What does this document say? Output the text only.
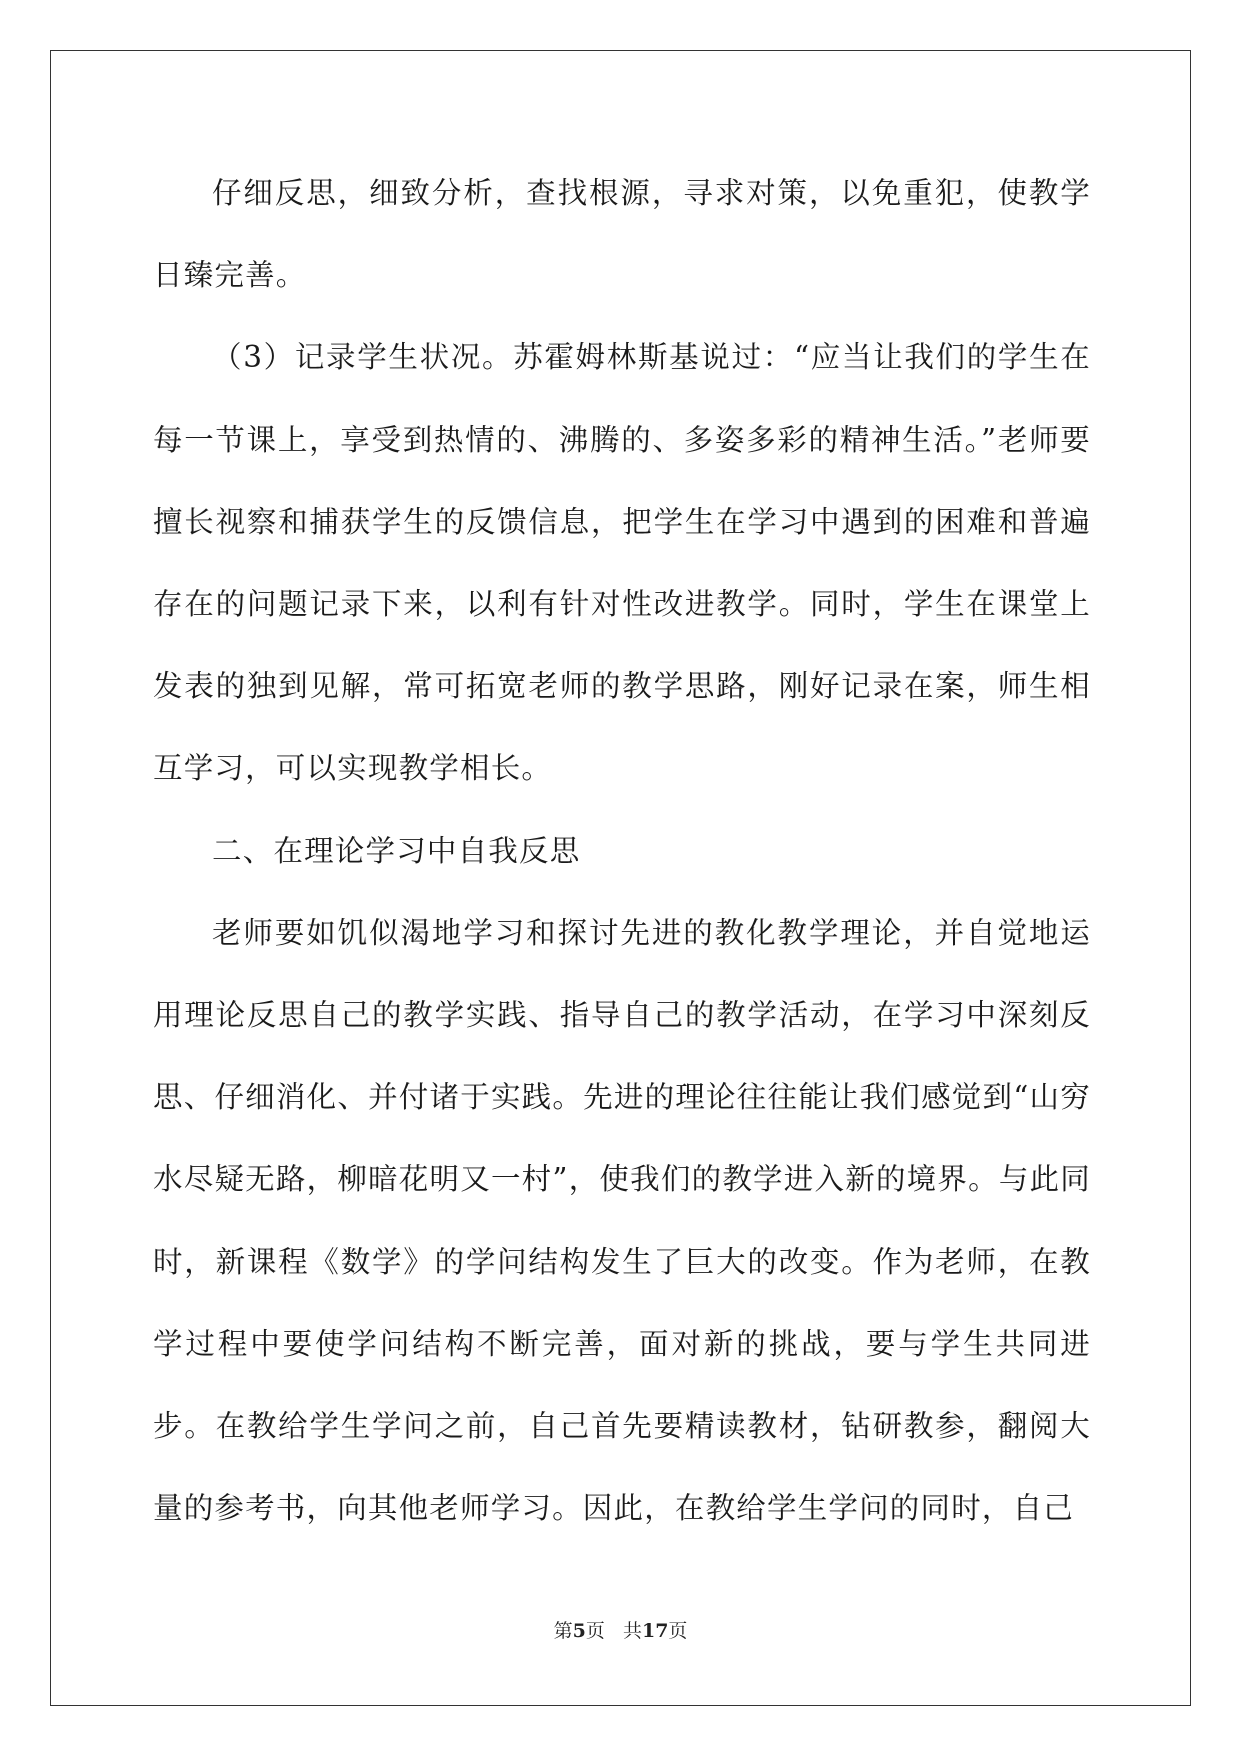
仔细反思，细致分析，查找根源，寻求对策，以免重犯，使教学日臻完善。

（3）记录学生状况。苏霍姆林斯基说过：“应当让我们的学生在每一节课上，享受到热情的、沸腾的、多姿多彩的精神生活。”老师要擅长视察和捕获学生的反馈信息，把学生在学习中遇到的困难和普遍存在的问题记录下来，以利有针对性改进教学。同时，学生在课堂上发表的独到见解，常可拓宽老师的教学思路，刚好记录在案，师生相互学习，可以实现教学相长。

二、在理论学习中自我反思

老师要如饥似渴地学习和探讨先进的教化教学理论，并自觉地运用理论反思自己的教学实践、指导自己的教学活动，在学习中深刻反思、仔细消化、并付诸于实践。先进的理论往往能让我们感觉到“山穷水尽疑无路，柳暗花明又一村”，使我们的教学进入新的境界。与此同时，新课程《数学》的学问结构发生了巨大的改变。作为老师，在教学过程中要使学问结构不断完善，面对新的挑战，要与学生共同进步。在教给学生学问之前，自己首先要精读教材，钻研教参，翻阅大量的参考书，向其他老师学习。因此，在教给学生学问的同时，自己

第5页 共17页
